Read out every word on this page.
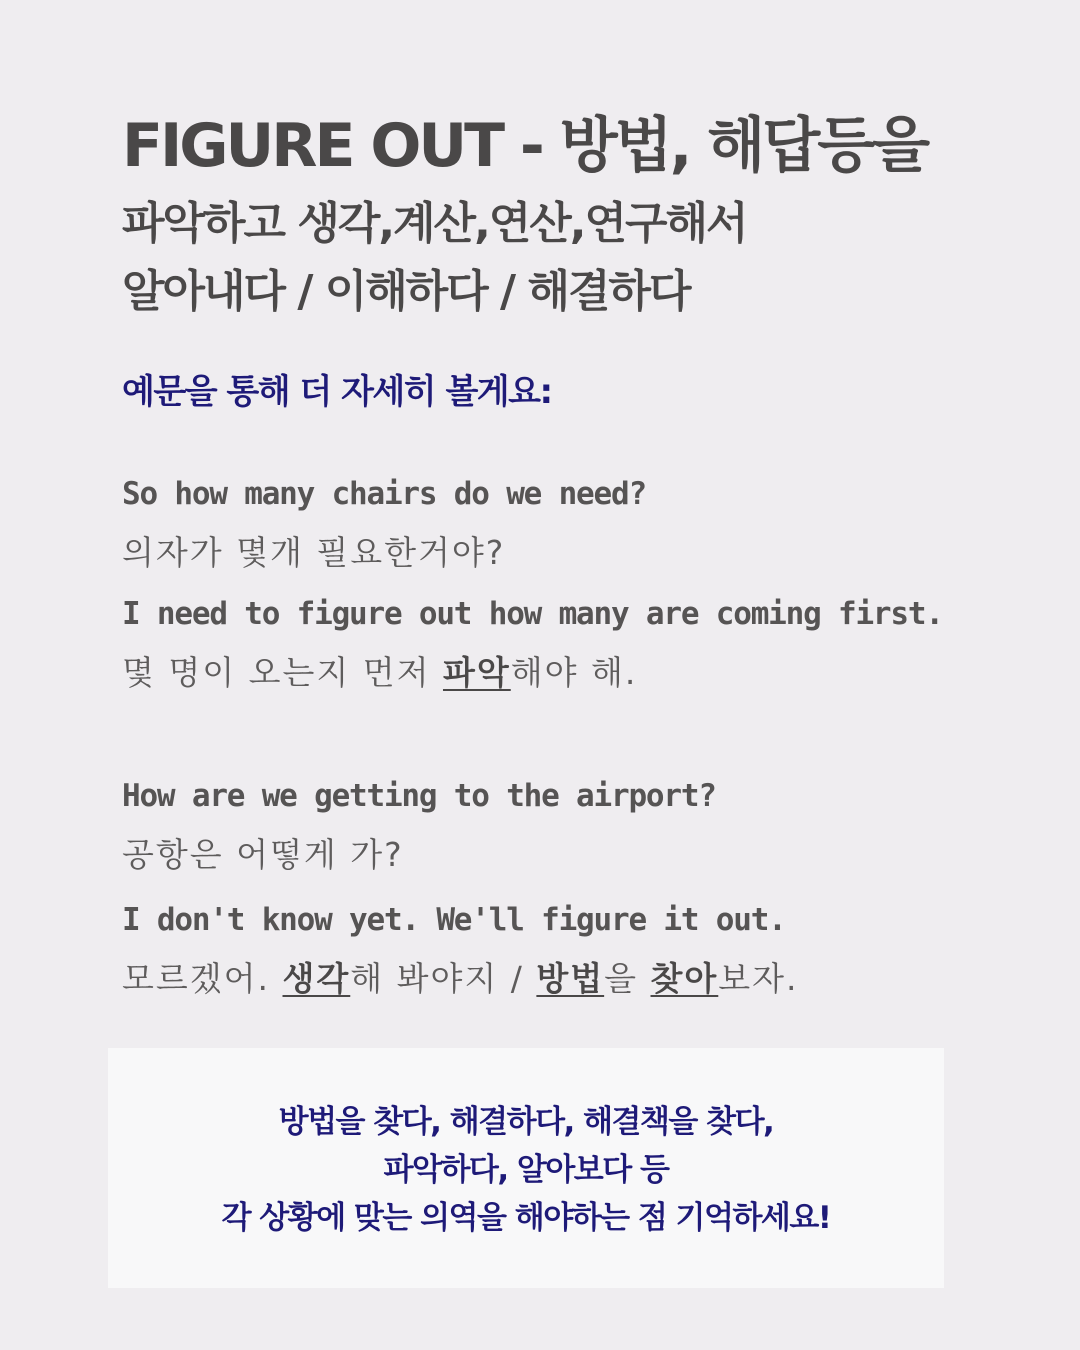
FIGURE OUT - 방법, 해답등을
파악하고 생각,계산,연산,연구해서
알아내다 / 이해하다 / 해결하다
예문을 통해 더 자세히 볼게요:
So how many chairs do we need?
의자가 몇개 필요한거야?
I need to figure out how many are coming first.
몇 명이 오는지 먼저 파악해야 해.
How are we getting to the airport?
공항은 어떻게 가?
I don't know yet. We'll figure it out.
모르겠어. 생각해 봐야지 / 방법을 찾아보자.
방법을 찾다, 해결하다, 해결책을 찾다,
파악하다, 알아보다 등
각 상황에 맞는 의역을 해야하는 점 기억하세요!
